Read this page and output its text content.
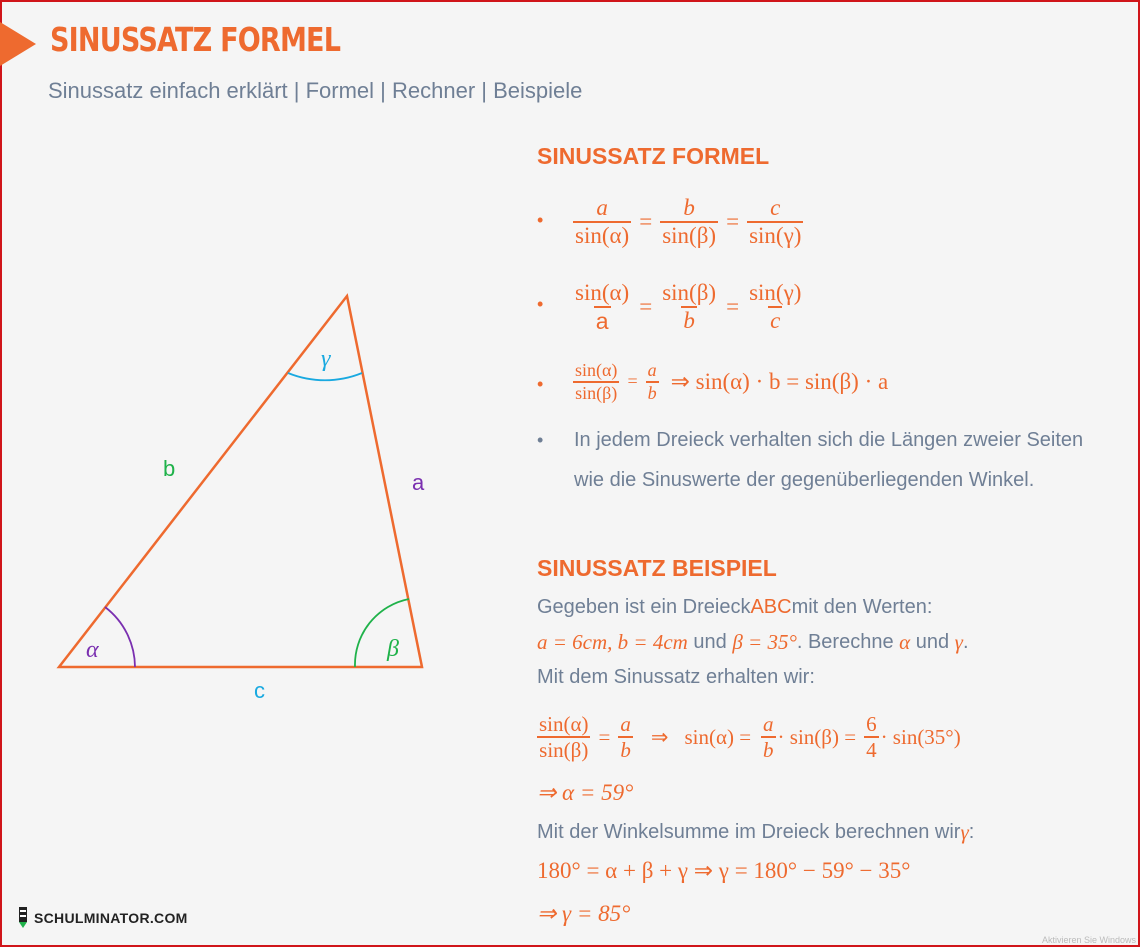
SINUSSATZ FORMEL
Sinussatz einfach erklärt | Formel | Rechner | Beispiele
b
a
c
α	β
γ
SINUSSATZ FORMEL
• $\frac{a}{\sin(\alpha)} = \frac{b}{\sin(\beta)} = \frac{c}{\sin(\gamma)}$
• $\frac{\sin(\alpha)}{a} = \frac{\sin(\beta)}{b} = \frac{\sin(\gamma)}{c}$
• $\frac{\sin(\alpha)}{\sin(\beta)} = \frac{a}{b}$ ⇒ sin(α) · b = sin(β) · a
• In jedem Dreieck verhalten sich die Längen zweier Seiten
wie die Sinuswerte der gegenüberliegenden Winkel.
SINUSSATZ BEISPIEL
Gegeben ist ein Dreieck ABC mit den Werten:
a = 6cm, b = 4cm und β = 35° . Berechne α und γ .
Mit dem Sinussatz erhalten wir:
$\frac{\sin(\alpha)}{\sin(\beta)} = \frac{a}{b}$ ⇒ $\sin(\alpha) = \frac{a}{b} \cdot \sin(\beta) = \frac{6}{4} \cdot \sin(35^\circ)$
⇒ α = 59°
Mit der Winkelsumme im Dreieck berechnen wir γ :
180° = α + β + γ ⇒ γ = 180° − 59° − 35°
⇒ γ = 85°
SCHULMINATOR.COM
Aktivieren Sie Windows
